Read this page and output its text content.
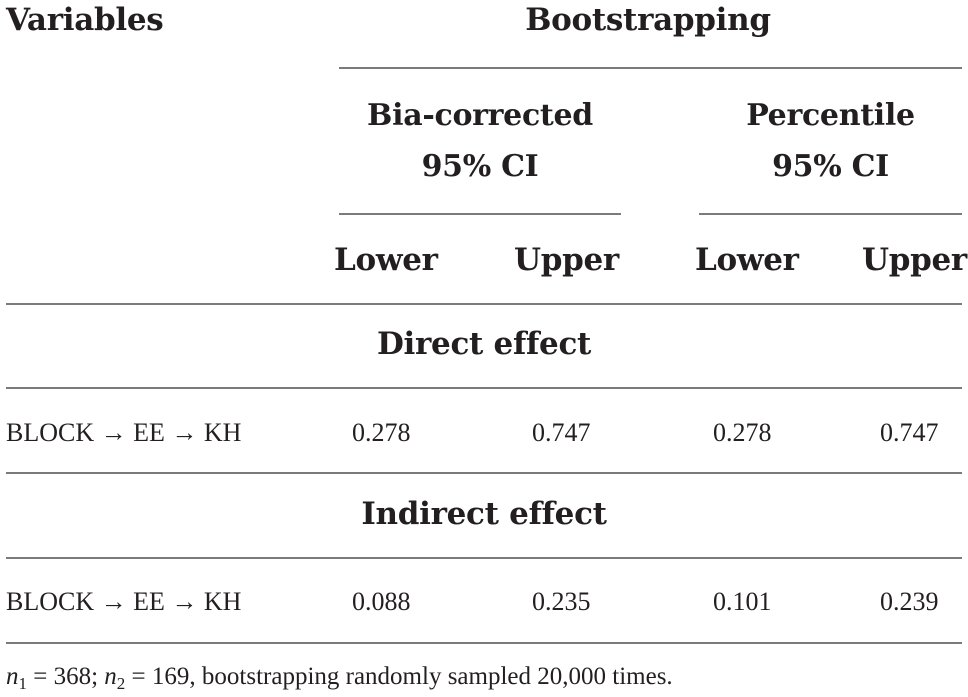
Variables	Bootstrapping
Bia-corrected
95% CI
Percentile
95% CI
Lower Upper Lower Upper
Direct effect
BLOCK → EE → KH	0.278	0.747	0.278	0.747
Indirect effect
BLOCK → EE → KH	0.088	0.235	0.101	0.239
$n_1 = 368$; $n_2 = 169$, bootstrapping randomly sampled 20,000 times.
